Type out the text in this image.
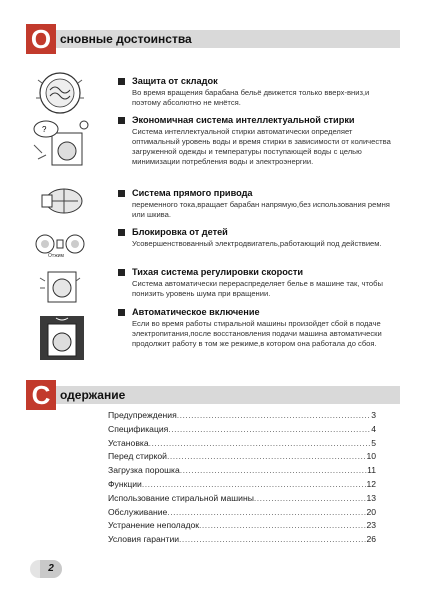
О сновные достоинства
?
Отжим
Защита от складок

Во время вращения барабана бельё движется только вверх-вниз,и поэтому абсолютно не мнётся.

Экономичная система интеллектуальной стирки

Система интеллектуальной стирки автоматически определяет оптимальный уровень воды и время стирки в зависимости от количества загруженной одежды и температуры поступающей воды с целью минимизации потребления воды и электроэнергии.

Система прямого привода

переменного тока,вращает барабан напрямую,без использования ремня или шкива.

Блокировка от детей

Усовершенствованный электродвигатель,работающий под действием.

Тихая система регулировки скорости

Система автоматически перераспределяет белье в машине так, чтобы понизить уровень шума при вращении.

Автоматическое включение

Если во время работы стиральной машины произойдет сбой в подаче электропитания,после восстановления подачи машина автоматически продолжит работу в том же режиме,в котором она работала до сбоя.

С одержание
Предупреждения .....	3
Спецификация .....	4
Установка .....	5
Перед стиркой .....	10
Загрузка порошка .....	11
Функции .....	12
Использование стиральной машины .....	13
Обслуживание .....	20
Устранение неполадок .....	23
Условия гарантии .....	26
2
